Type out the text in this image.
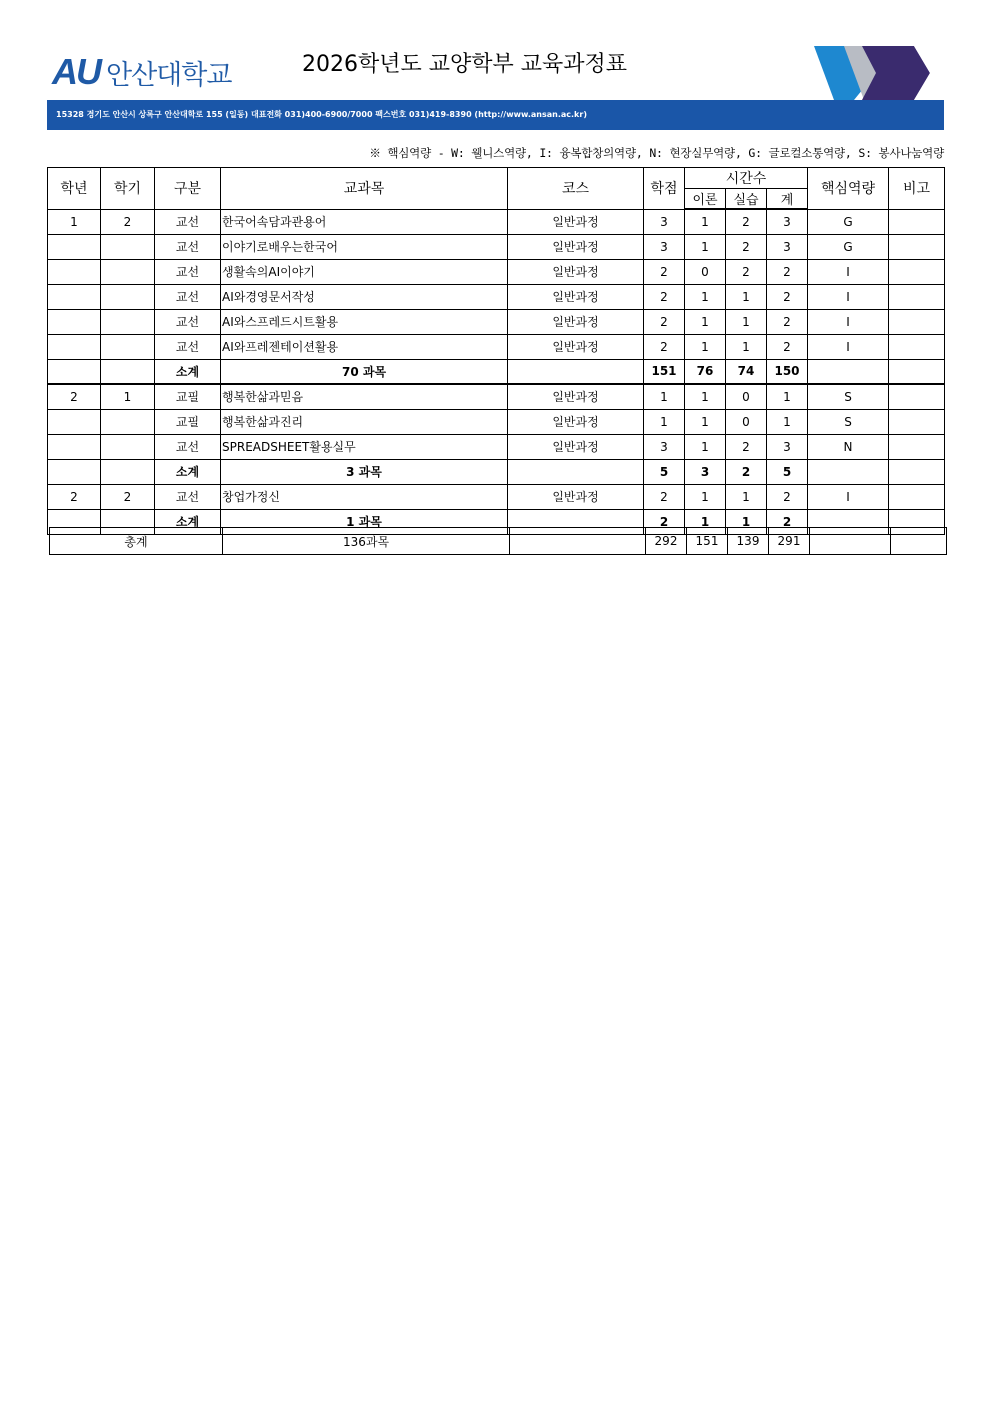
AU 안산대학교	2026학년도 교양학부 교육과정표
15328 경기도 안산시 상록구 안산대학로 155 (일동) 대표전화 031)400-6900/7000 팩스번호 031)419-8390 (http://www.ansan.ac.kr)
※ 핵심역량 - W: 웰니스역량, I: 융복합창의역량, N: 현장실무역량, G: 글로컬소통역량, S: 봉사나눔역량
학년	학기	구분	교과목	코스	학점	시간수			핵심역량	비고
						이론	실습	계		
1	2	교선	한국어속담과관용어	일반과정	3	1	2	3	G	
		교선	이야기로배우는한국어	일반과정	3	1	2	3	G	
		교선	생활속의AI이야기	일반과정	2	0	2	2	I	
		교선	AI와경영문서작성	일반과정	2	1	1	2	I	
		교선	AI와스프레드시트활용	일반과정	2	1	1	2	I	
		교선	AI와프레젠테이션활용	일반과정	2	1	1	2	I	
		소계	70 과목		151	76	74	150		
2	1	교필	행복한삶과믿음	일반과정	1	1	0	1	S	
		교필	행복한삶과진리	일반과정	1	1	0	1	S	
		교선	SPREADSHEET활용실무	일반과정	3	1	2	3	N	
		소계	3 과목		5	3	2	5		
2	2	교선	창업가정신	일반과정	2	1	1	2	I	
		소계	1 과목		2	1	1	2		
총계	136과목		292	151	139	291		
